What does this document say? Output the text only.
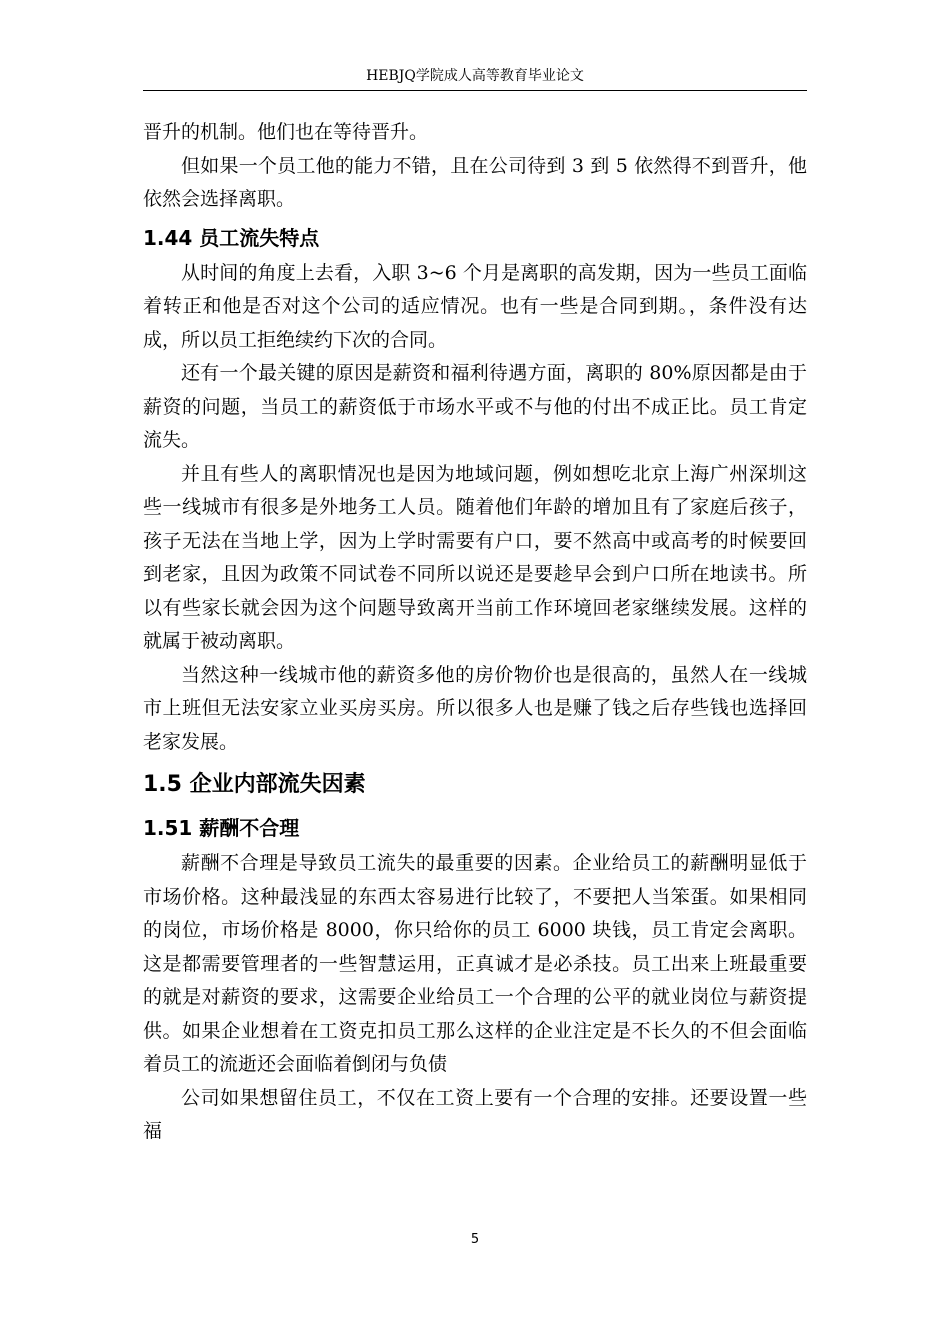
HEBJQ学院成人高等教育毕业论文

晋升的机制。他们也在等待晋升。

但如果一个员工他的能力不错，且在公司待到 3 到 5 依然得不到晋升，他依然会选择离职。

1.44 员工流失特点

从时间的角度上去看，入职 3~6 个月是离职的高发期，因为一些员工面临着转正和他是否对这个公司的适应情况。也有一些是合同到期。，条件没有达成，所以员工拒绝续约下次的合同。

还有一个最关键的原因是薪资和福利待遇方面，离职的 80%原因都是由于薪资的问题，当员工的薪资低于市场水平或不与他的付出不成正比。员工肯定流失。

并且有些人的离职情况也是因为地域问题，例如想吃北京上海广州深圳这些一线城市有很多是外地务工人员。随着他们年龄的增加且有了家庭后孩子，孩子无法在当地上学，因为上学时需要有户口，要不然高中或高考的时候要回到老家，且因为政策不同试卷不同所以说还是要趁早会到户口所在地读书。所以有些家长就会因为这个问题导致离开当前工作环境回老家继续发展。这样的就属于被动离职。

当然这种一线城市他的薪资多他的房价物价也是很高的，虽然人在一线城市上班但无法安家立业买房买房。所以很多人也是赚了钱之后存些钱也选择回老家发展。

1.5 企业内部流失因素
1.51 薪酬不合理

薪酬不合理是导致员工流失的最重要的因素。企业给员工的薪酬明显低于市场价格。这种最浅显的东西太容易进行比较了，不要把人当笨蛋。如果相同的岗位，市场价格是 8000，你只给你的员工 6000 块钱，员工肯定会离职。这是都需要管理者的一些智慧运用，正真诚才是必杀技。员工出来上班最重要的就是对薪资的要求，这需要企业给员工一个合理的公平的就业岗位与薪资提供。如果企业想着在工资克扣员工那么这样的企业注定是不长久的不但会面临着员工的流逝还会面临着倒闭与负债

公司如果想留住员工，不仅在工资上要有一个合理的安排。还要设置一些福

5
